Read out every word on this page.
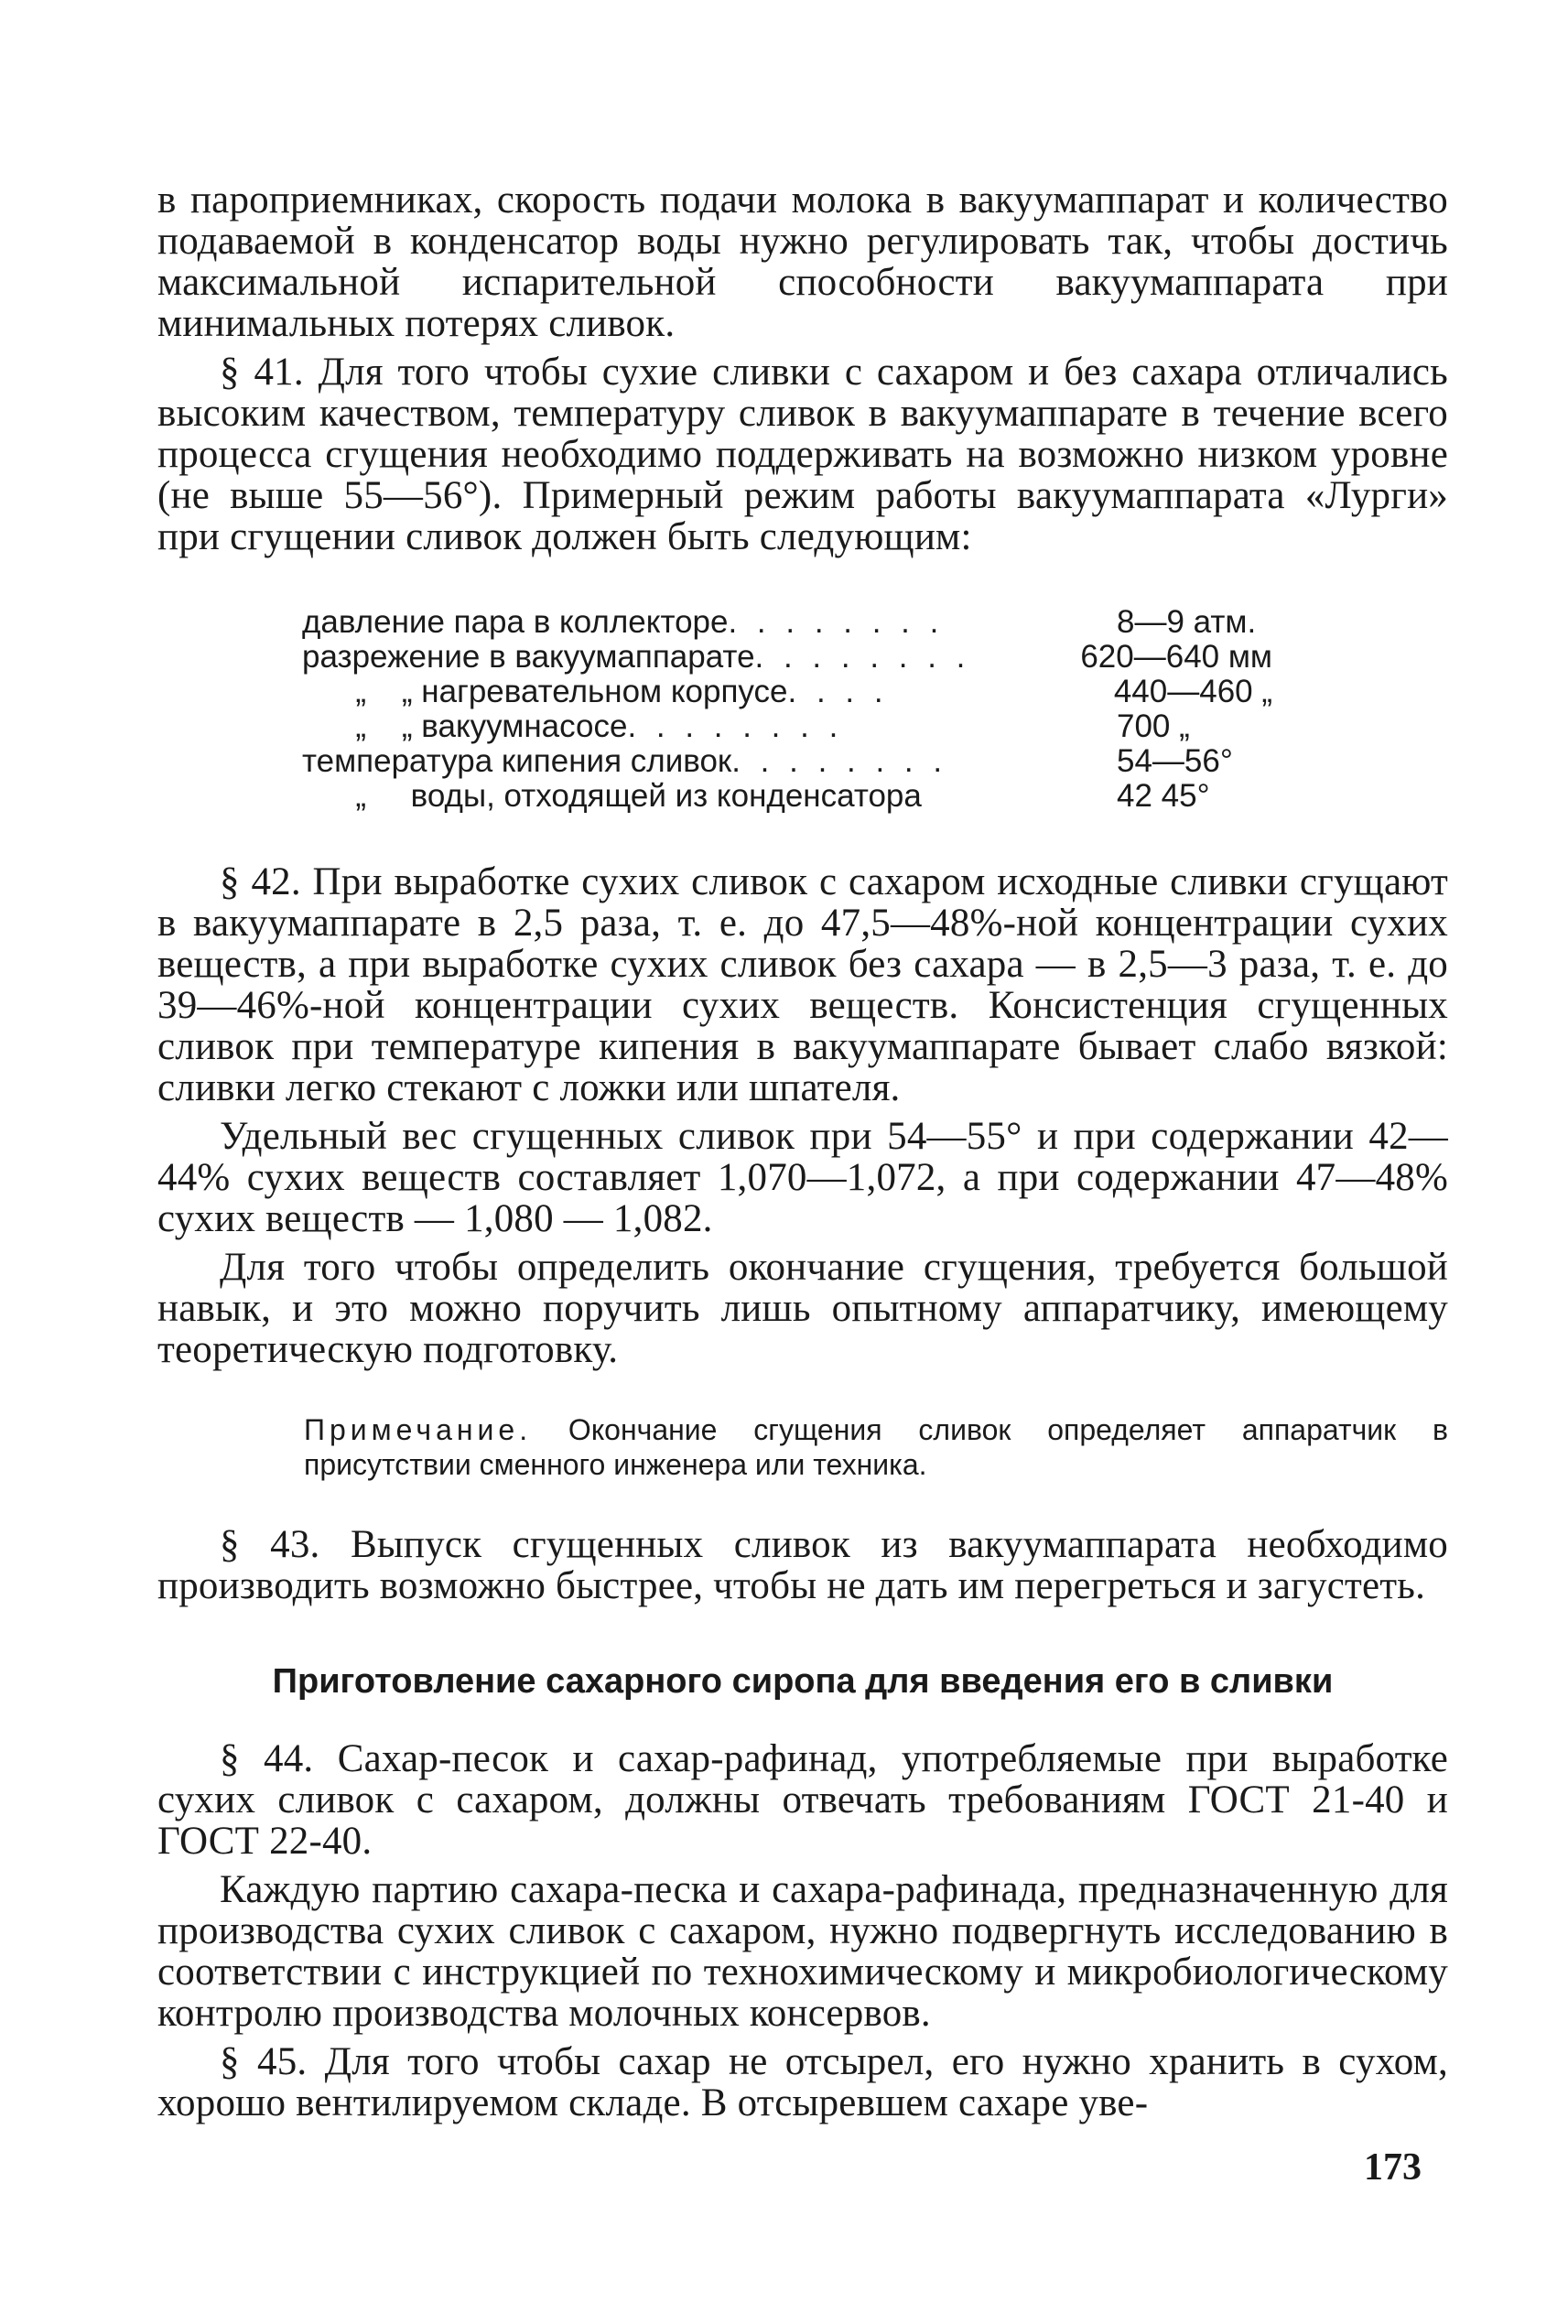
в пароприемниках, скорость подачи молока в вакуумаппарат и количество подаваемой в конденсатор воды нужно регулировать так, чтобы достичь максимальной испарительной способности вакуумаппарата при минимальных потерях сливок.

§ 41. Для того чтобы сухие сливки с сахаром и без сахара отличались высоким качеством, температуру сливок в вакуумаппарате в течение всего процесса сгущения необходимо поддерживать на возможно низком уровне (не выше 55—56°). Примерный режим работы вакуумаппарата «Лурги» при сгущении сливок должен быть следующим:

давление пара в коллекторе . . . . . . . .	8—9 атм.
разрежение в вакуумаппарате . . . . . . . .	620—640 мм
„    „ нагревательном корпусе . . . .	440—460 „
„    „ вакуумнасосе . . . . . . . .	700 „
температура кипения сливок . . . . . . . .	54—56°
„     воды, отходящей из конденсатора	42 45°

§ 42. При выработке сухих сливок с сахаром исходные сливки сгущают в вакуумаппарате в 2,5 раза, т. е. до 47,5—48%-ной концентрации сухих веществ, а при выработке сухих сливок без сахара — в 2,5—3 раза, т. е. до 39—46%-ной концентрации сухих веществ. Консистенция сгущенных сливок при температуре кипения в вакуумаппарате бывает слабо вязкой: сливки легко стекают с ложки или шпателя.

Удельный вес сгущенных сливок при 54—55° и при содержании 42—44% сухих веществ составляет 1,070—1,072, а при содержании 47—48% сухих веществ — 1,080 — 1,082.

Для того чтобы определить окончание сгущения, требуется большой навык, и это можно поручить лишь опытному аппаратчику, имеющему теоретическую подготовку.

Примечание. Окончание сгущения сливок определяет аппаратчик в присутствии сменного инженера или техника.

§ 43. Выпуск сгущенных сливок из вакуумаппарата необходимо производить возможно быстрее, чтобы не дать им перегреться и загустеть.

Приготовление сахарного сиропа для введения его в сливки

§ 44. Сахар-песок и сахар-рафинад, употребляемые при выработке сухих сливок с сахаром, должны отвечать требованиям ГОСТ 21-40 и ГОСТ 22-40.

Каждую партию сахара-песка и сахара-рафинада, предназначенную для производства сухих сливок с сахаром, нужно подвергнуть исследованию в соответствии с инструкцией по технохимическому и микробиологическому контролю производства молочных консервов.

§ 45. Для того чтобы сахар не отсырел, его нужно хранить в сухом, хорошо вентилируемом складе. В отсыревшем сахаре уве-

173
